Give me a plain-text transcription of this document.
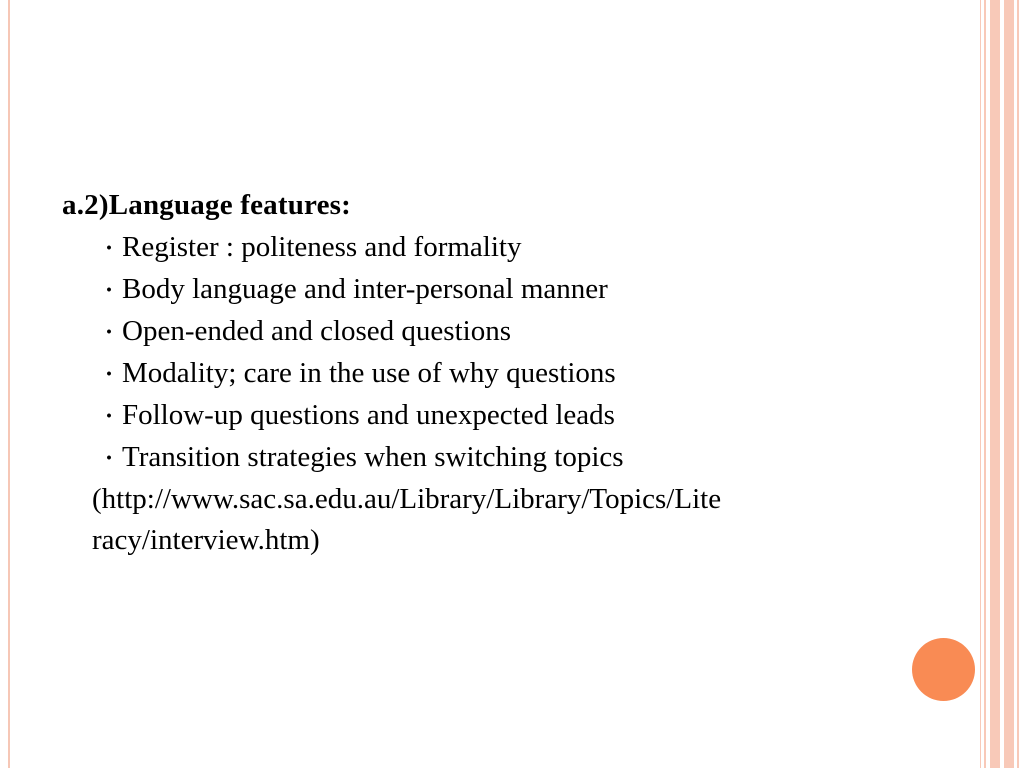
a.2)Language features:

・ Register : politeness and formality
・ Body language and inter-personal manner
・ Open-ended and closed questions
・ Modality; care in the use of why questions
・ Follow-up questions and unexpected leads
・ Transition strategies when switching topics

(http://www.sac.sa.edu.au/Library/Library/Topics/Lite
racy/interview.htm)
